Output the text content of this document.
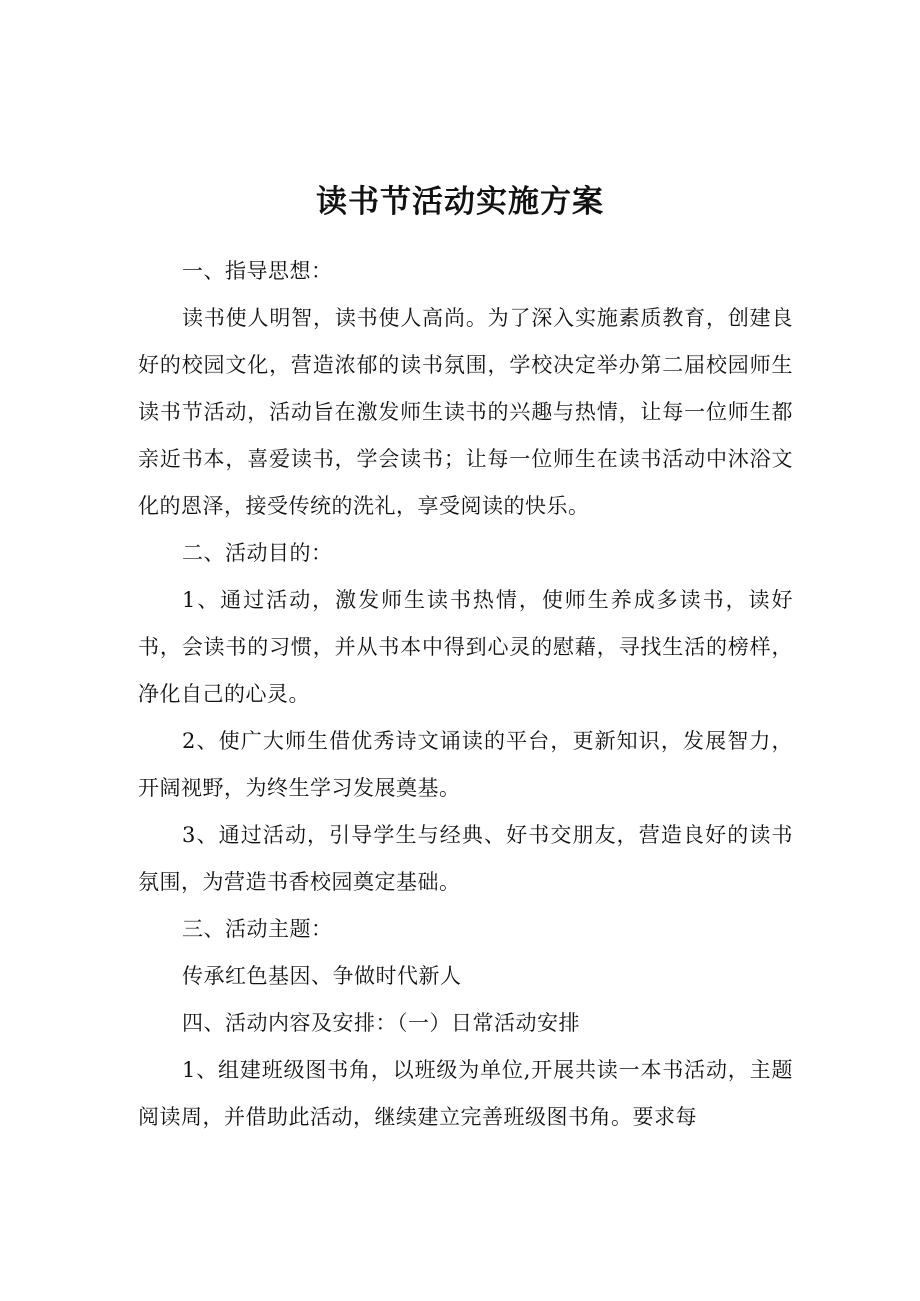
读书节活动实施方案

一、指导思想：

读书使人明智，读书使人高尚。为了深入实施素质教育，创建良好的校园文化，营造浓郁的读书氛围，学校决定举办第二届校园师生读书节活动，活动旨在激发师生读书的兴趣与热情，让每一位师生都亲近书本，喜爱读书，学会读书；让每一位师生在读书活动中沐浴文化的恩泽，接受传统的洗礼，享受阅读的快乐。

二、活动目的：

1、通过活动，激发师生读书热情，使师生养成多读书，读好书，会读书的习惯，并从书本中得到心灵的慰藉，寻找生活的榜样，净化自己的心灵。

2、使广大师生借优秀诗文诵读的平台，更新知识，发展智力，开阔视野，为终生学习发展奠基。

3、通过活动，引导学生与经典、好书交朋友，营造良好的读书氛围，为营造书香校园奠定基础。

三、活动主题：

传承红色基因、争做时代新人

四、活动内容及安排：（一）日常活动安排

1、组建班级图书角，以班级为单位,开展共读一本书活动，主题阅读周，并借助此活动，继续建立完善班级图书角。要求每
